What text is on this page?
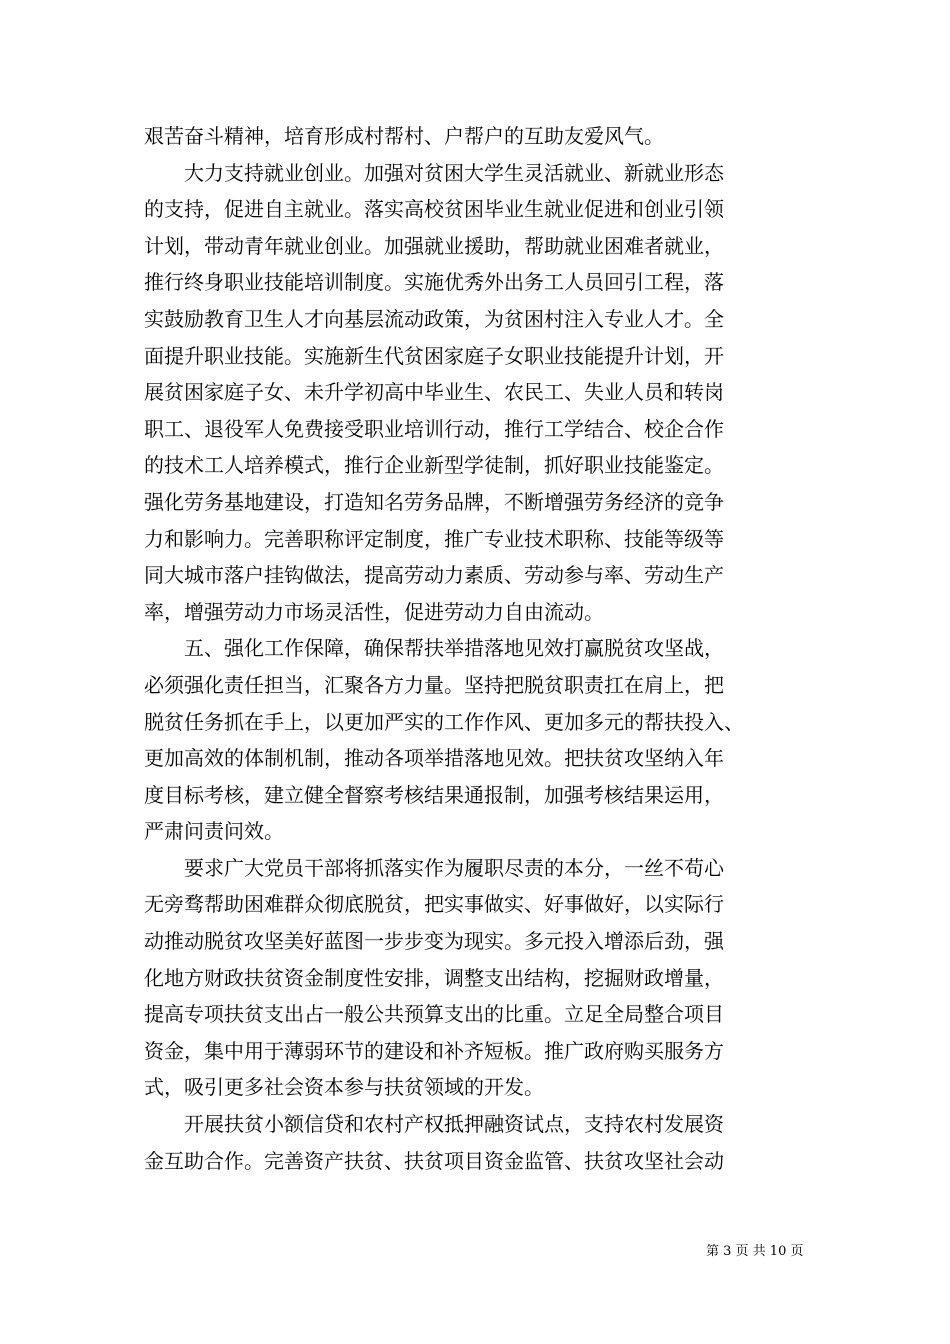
艰苦奋斗精神，培育形成村帮村、户帮户的互助友爱风气。
　　大力支持就业创业。加强对贫困大学生灵活就业、新就业形态
的支持，促进自主就业。落实高校贫困毕业生就业促进和创业引领
计划，带动青年就业创业。加强就业援助，帮助就业困难者就业，
推行终身职业技能培训制度。实施优秀外出务工人员回引工程，落
实鼓励教育卫生人才向基层流动政策，为贫困村注入专业人才。全
面提升职业技能。实施新生代贫困家庭子女职业技能提升计划，开
展贫困家庭子女、未升学初高中毕业生、农民工、失业人员和转岗
职工、退役军人免费接受职业培训行动，推行工学结合、校企合作
的技术工人培养模式，推行企业新型学徒制，抓好职业技能鉴定。
强化劳务基地建设，打造知名劳务品牌，不断增强劳务经济的竞争
力和影响力。完善职称评定制度，推广专业技术职称、技能等级等
同大城市落户挂钩做法，提高劳动力素质、劳动参与率、劳动生产
率，增强劳动力市场灵活性，促进劳动力自由流动。
　　五、强化工作保障，确保帮扶举措落地见效打赢脱贫攻坚战，
必须强化责任担当，汇聚各方力量。坚持把脱贫职责扛在肩上，把
脱贫任务抓在手上，以更加严实的工作作风、更加多元的帮扶投入、
更加高效的体制机制，推动各项举措落地见效。把扶贫攻坚纳入年
度目标考核，建立健全督察考核结果通报制，加强考核结果运用，
严肃问责问效。
　　要求广大党员干部将抓落实作为履职尽责的本分，一丝不苟心
无旁骛帮助困难群众彻底脱贫，把实事做实、好事做好，以实际行
动推动脱贫攻坚美好蓝图一步步变为现实。多元投入增添后劲，强
化地方财政扶贫资金制度性安排，调整支出结构，挖掘财政增量，
提高专项扶贫支出占一般公共预算支出的比重。立足全局整合项目
资金，集中用于薄弱环节的建设和补齐短板。推广政府购买服务方
式，吸引更多社会资本参与扶贫领域的开发。
　　开展扶贫小额信贷和农村产权抵押融资试点，支持农村发展资
金互助合作。完善资产扶贫、扶贫项目资金监管、扶贫攻坚社会动
第 3 页 共 10 页
